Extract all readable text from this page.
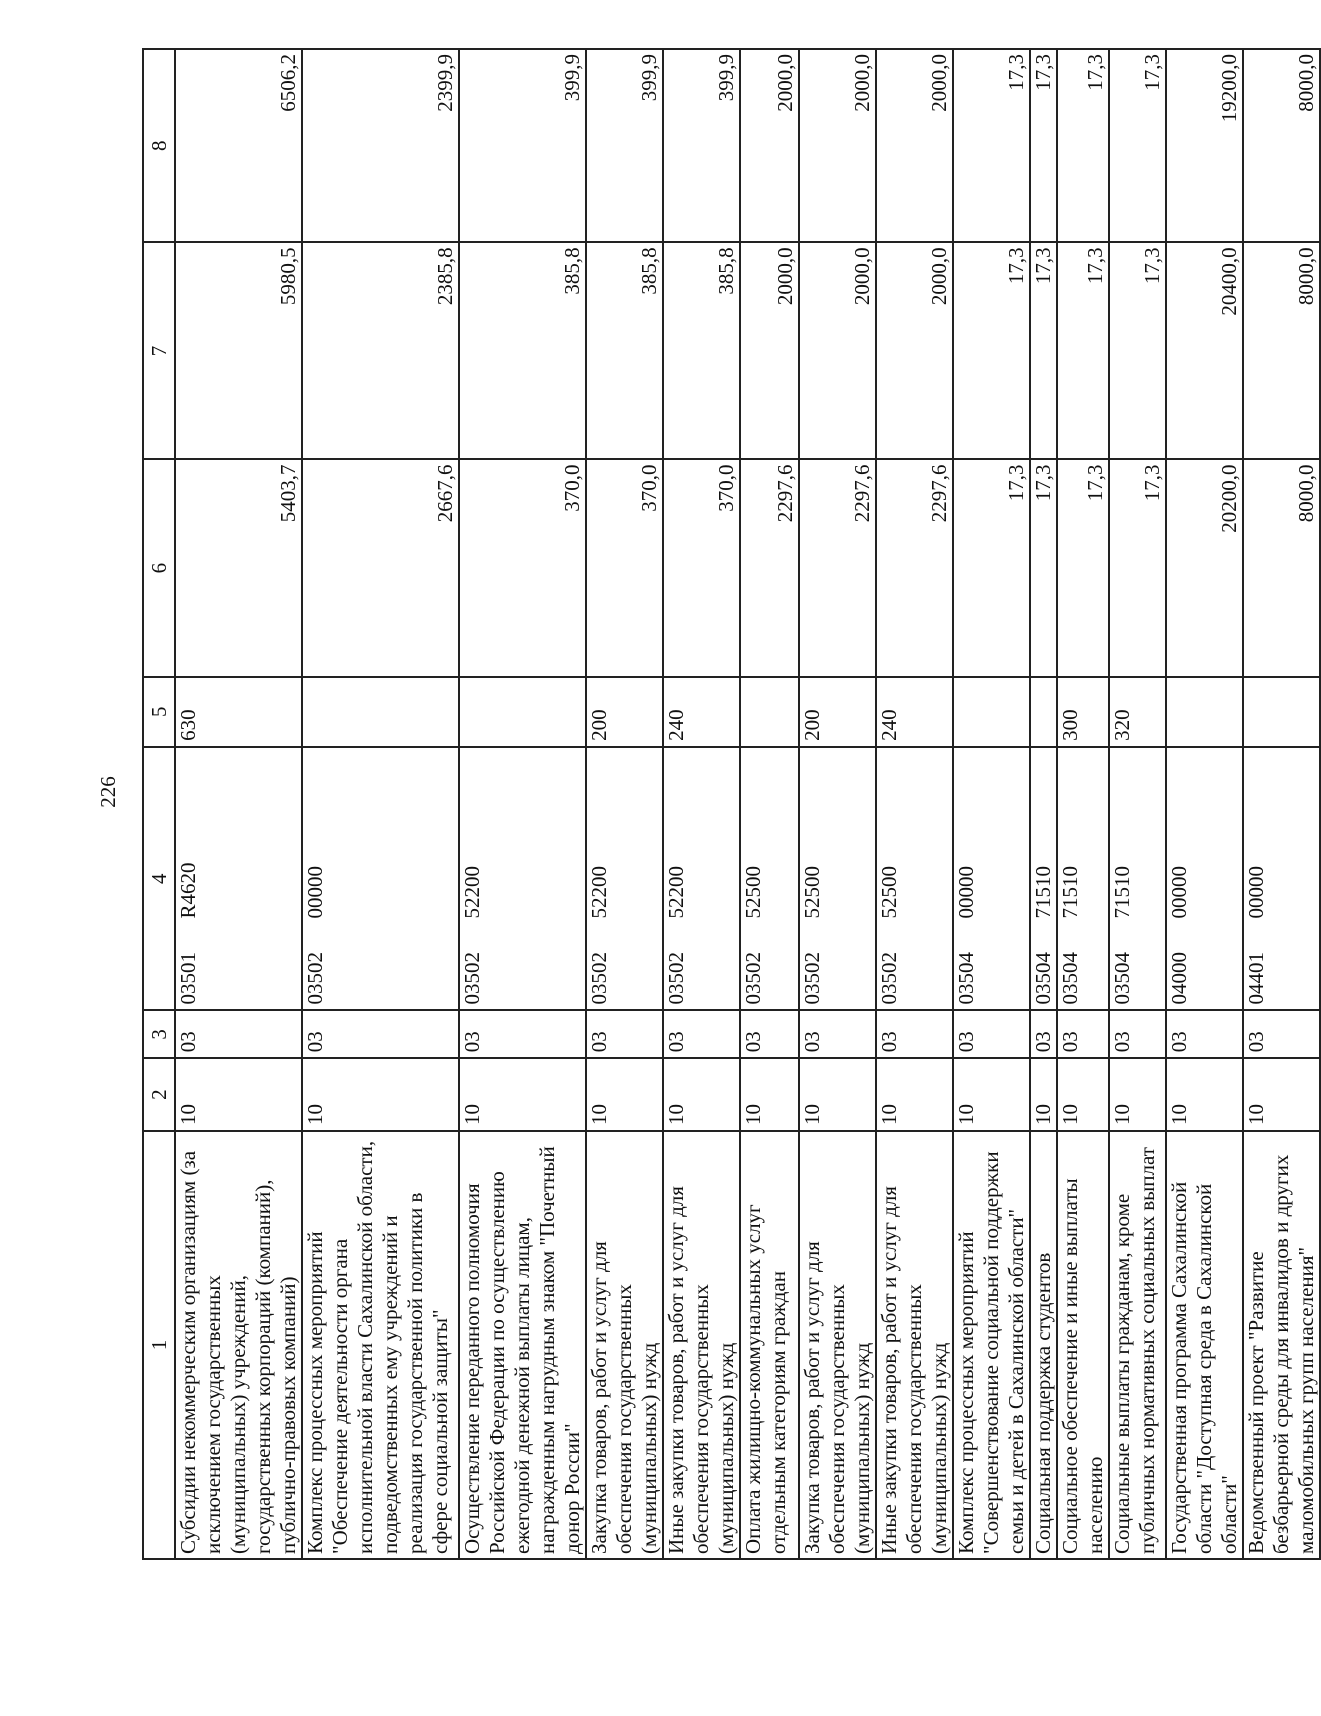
226
1	2	3	4	5	6	7	8
Субсидии некоммерческим организациям (за исключением государственных (муниципальных) учреждений, государственных корпораций (компаний), публично-правовых компаний)	10	03	03501R4620	630	5403,7	5980,5	6506,2
Комплекс процессных мероприятий "Обеспечение деятельности органа исполнительной власти Сахалинской области, подведомственных ему учреждений и реализация государственной политики в сфере социальной защиты"	10	03	0350200000		2667,6	2385,8	2399,9
Осуществление переданного полномочия Российской Федерации по осуществлению ежегодной денежной выплаты лицам, награжденным нагрудным знаком "Почетный донор России"	10	03	0350252200		370,0	385,8	399,9
Закупка товаров, работ и услуг для обеспечения государственных (муниципальных) нужд	10	03	0350252200	200	370,0	385,8	399,9
Иные закупки товаров, работ и услуг для обеспечения государственных (муниципальных) нужд	10	03	0350252200	240	370,0	385,8	399,9
Оплата жилищно-коммунальных услуг отдельным категориям граждан	10	03	0350252500		2297,6	2000,0	2000,0
Закупка товаров, работ и услуг для обеспечения государственных (муниципальных) нужд	10	03	0350252500	200	2297,6	2000,0	2000,0
Иные закупки товаров, работ и услуг для обеспечения государственных (муниципальных) нужд	10	03	0350252500	240	2297,6	2000,0	2000,0
Комплекс процессных мероприятий "Совершенствование социальной поддержки семьи и детей в Сахалинской области"	10	03	0350400000		17,3	17,3	17,3
Социальная поддержка студентов	10	03	0350471510		17,3	17,3	17,3
Социальное обеспечение и иные выплаты населению	10	03	0350471510	300	17,3	17,3	17,3
Социальные выплаты гражданам, кроме публичных нормативных социальных выплат	10	03	0350471510	320	17,3	17,3	17,3
Государственная программа Сахалинской области "Доступная среда в Сахалинской области"	10	03	0400000000		20200,0	20400,0	19200,0
Ведомственный проект "Развитие безбарьерной среды для инвалидов и других маломобильных групп населения"	10	03	0440100000		8000,0	8000,0	8000,0
